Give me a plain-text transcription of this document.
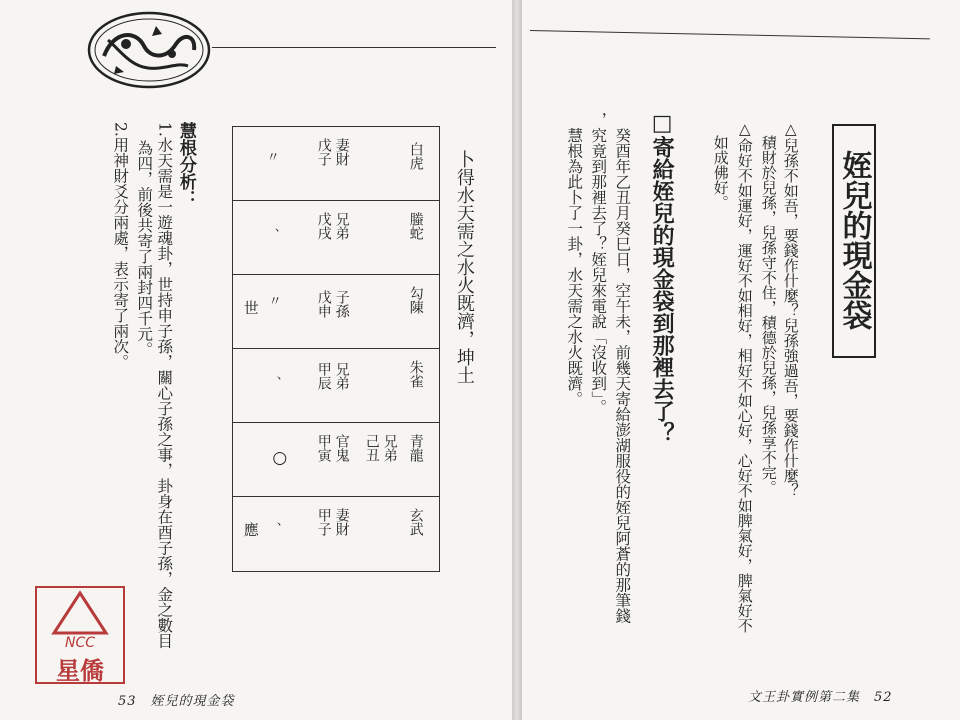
慧根分析：
1.水天需是一遊魂卦，世持申子孫，關心子孫之事，卦身在酉子孫，金之數目
為四，前後共寄了兩封四千元。
2.用神財爻分兩處，表示寄了兩次。	卜得水天需之水火既濟，坤土
白虎
妻財
戊子
〃
螣蛇
兄弟
戊戌
、
勾陳
子孫
戊申
〃
世
朱雀
兄弟
甲辰
、
青龍
兄弟
己丑
官鬼
甲寅
○
玄武
妻財
甲子
、
應
NCC
星僑
53　姪兒的現金袋	文王卦實例第二集　52
姪兒的現金袋
△兒孫不如吾，要錢作什麼？兒孫強過吾，要錢作什麼？
　積財於兒孫，兒孫守不住，積德於兒孫，兒孫享不完。
△命好不如運好，運好不如相好，相好不如心好，心好不如脾氣好，脾氣好不
　如成佛好。
□寄給姪兒的現金袋到那裡去了？
　癸酉年乙丑月癸巳日，空午未，前幾天寄給澎湖服役的姪兒阿蒼的那筆錢
，究竟到那裡去了？姪兒來電說「沒收到」。
　慧根為此卜了一卦，水天需之水火既濟。
